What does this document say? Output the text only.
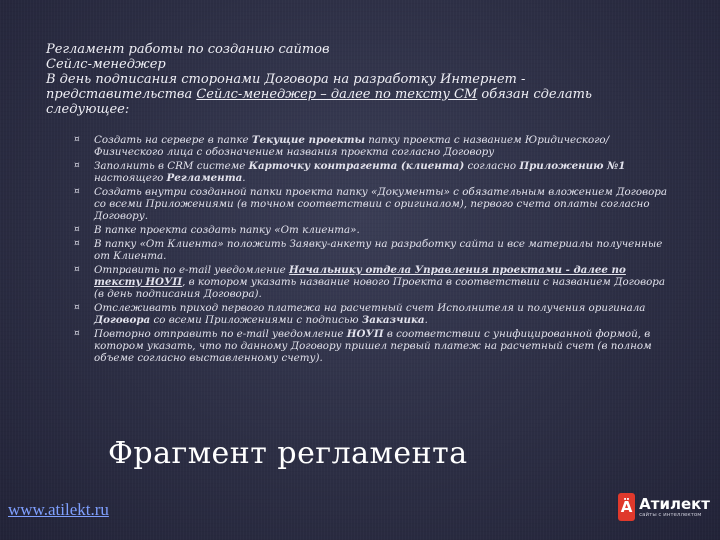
Регламент работы по созданию сайтов
Сейлс-менеджер
В день подписания сторонами Договора на разработку Интернет -
представительства Сейлс-менеджер – далее по тексту СМ обязан сделать
следующее:
¤ Создать на сервере в папке Текущие проекты папку проекта с названием Юридического/Физического лица с обозначением названия проекта согласно Договору
¤ Заполнить в CRM системе Карточку контрагента (клиента) согласно Приложению №1 настоящего Регламента.
¤ Создать внутри созданной папки проекта папку «Документы» с обязательным вложением Договора со всеми Приложениями (в точном соответствии с оригиналом), первого счета оплаты согласно Договору.
¤ В папке проекта создать папку «От клиента».
¤ В папку «От Клиента» положить Заявку-анкету на разработку сайта и все материалы полученные от Клиента.
¤ Отправить по e-mail уведомление Начальнику отдела Управления проектами - далее по тексту НОУП, в котором указать название нового Проекта в соответствии с названием Договора (в день подписания Договора).
¤ Отслеживать приход первого платежа на расчетный счет Исполнителя и получения оригинала Договора со всеми Приложениями с подписью Заказчика.
¤ Повторно отправить по e-mail уведомление НОУП в соответствии с унифицированной формой, в котором указать, что по данному Договору пришел первый платеж на расчетный счет (в полном объеме согласно выставленному счету).
Фрагмент регламента
www.atilekt.ru	Ä Атилект
сайты с интеллектом
